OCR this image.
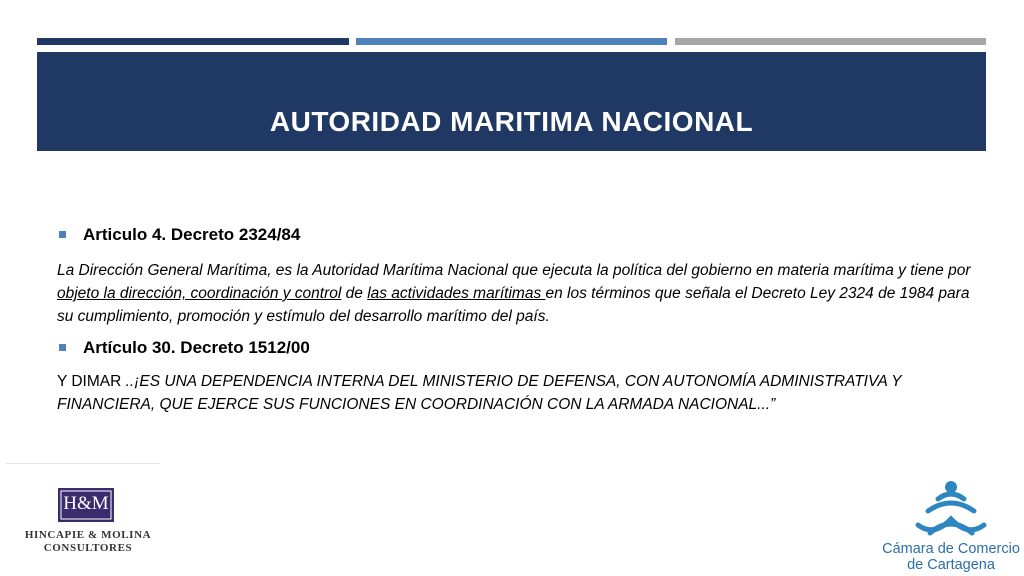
AUTORIDAD MARITIMA NACIONAL
Articulo 4. Decreto 2324/84
La Dirección General Marítima, es la Autoridad Marítima Nacional que ejecuta la política del gobierno en materia marítima y tiene por objeto la dirección, coordinación y control de las actividades marítimas en los términos que señala el Decreto Ley 2324 de 1984 para su cumplimiento, promoción y estímulo del desarrollo marítimo del país.
Artículo 30. Decreto 1512/00
Y DIMAR ..¡ES UNA DEPENDENCIA INTERNA DEL MINISTERIO DE DEFENSA, CON AUTONOMÍA ADMINISTRATIVA Y FINANCIERA, QUE EJERCE SUS FUNCIONES EN COORDINACIÓN CON LA ARMADA NACIONAL...”
H&M
HINCAPIE & MOLINA
CONSULTORES	Cámara de Comercio
de Cartagena
